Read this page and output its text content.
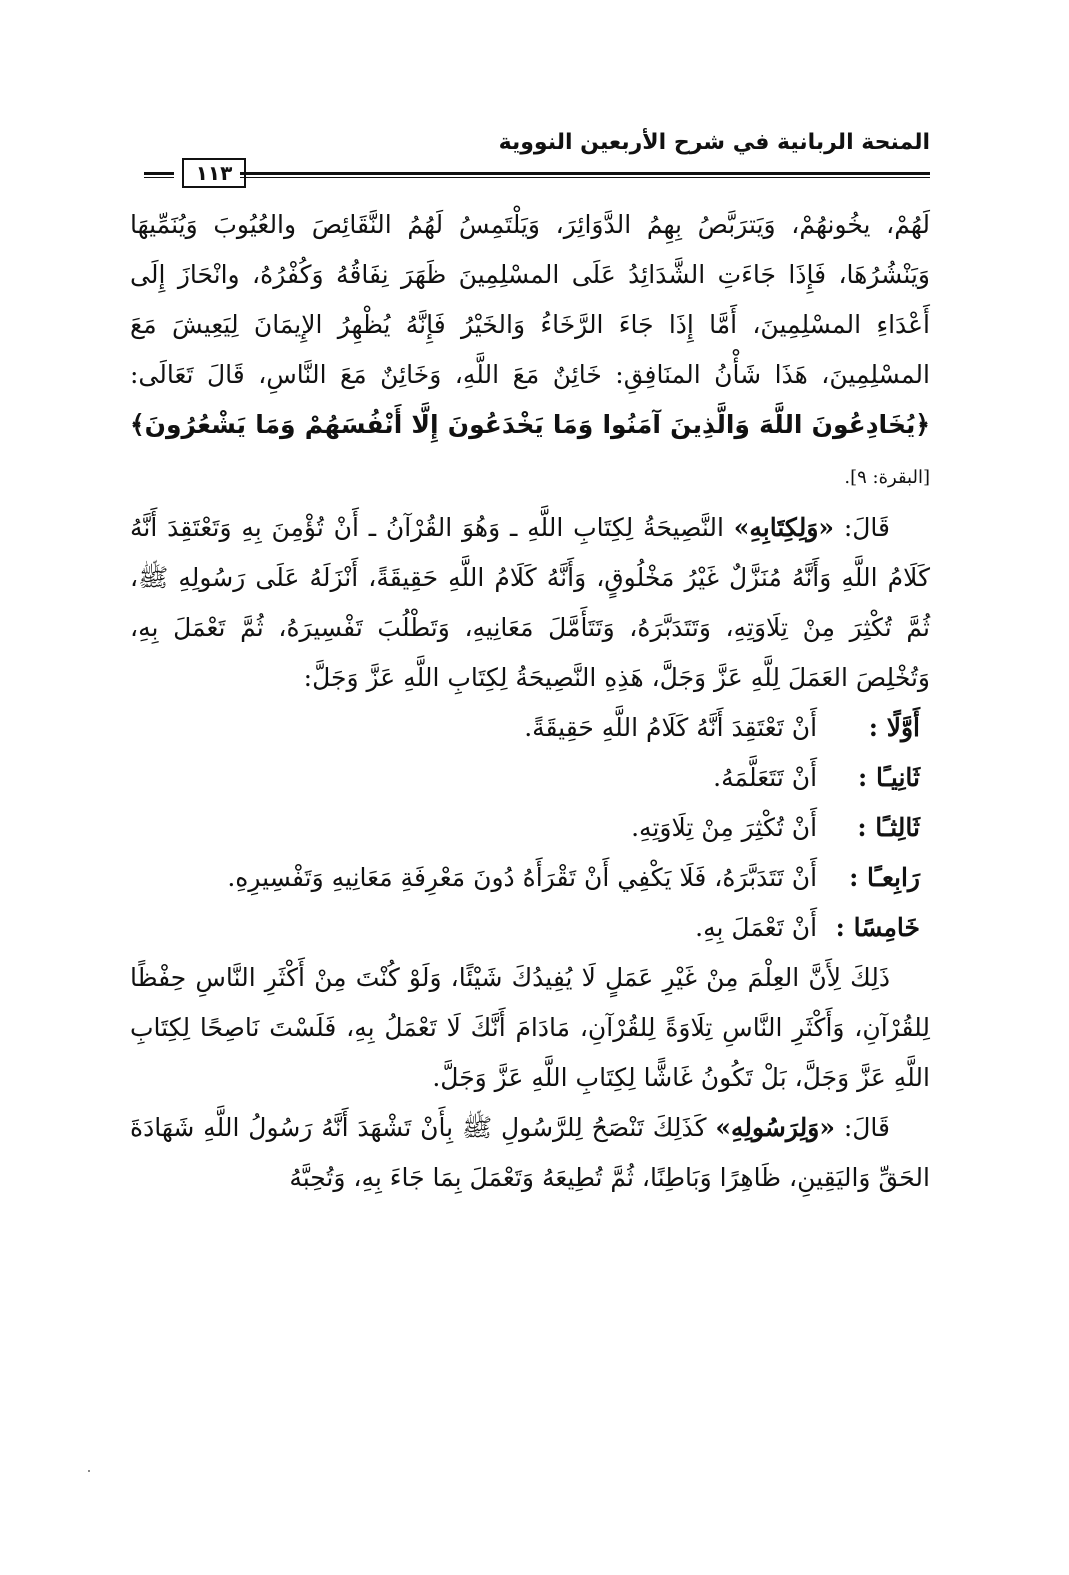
المنحة الربانية في شرح الأربعين النووية
١١٣

لَهُمْ، يخُونهُمْ، وَيَترَبَّصُ بِهِمُ الدَّوَائِرَ، وَيَلْتَمِسُ لَهُمُ النَّقَائِصَ والعُيُوبَ وَيُنَمِّيهَا وَيَنْشُرُهَا، فَإِذَا جَاءَتِ الشَّدَائِدُ عَلَى المسْلِمِينَ ظَهَرَ نِفَاقُهُ وَكُفْرُهُ، وانْحَازَ إِلَى أَعْدَاءِ المسْلِمِينَ، أَمَّا إِذَا جَاءَ الرَّخَاءُ وَالخَيْرُ فَإِنَّهُ يُظْهِرُ الإِيمَانَ لِيَعِيشَ مَعَ المسْلِمِينَ، هَذَا شَأْنُ المنَافِقِ: خَائِنٌ مَعَ اللَّهِ، وَخَائِنٌ مَعَ النَّاسِ، قَالَ تَعَالَى: ﴿يُخَادِعُونَ اللَّهَ وَالَّذِينَ آمَنُوا وَمَا يَخْدَعُونَ إِلَّا أَنْفُسَهُمْ وَمَا يَشْعُرُونَ﴾ [البقرة: ٩].

قَالَ: «وَلِكِتَابِهِ» النَّصِيحَةُ لِكِتَابِ اللَّهِ ـ وَهُوَ القُرْآنُ ـ أَنْ تُؤْمِنَ بِهِ وَتَعْتَقِدَ أَنَّهُ كَلَامُ اللَّهِ وَأَنَّهُ مُنَزَّلٌ غَيْرُ مَخْلُوقٍ، وَأَنَّهُ كَلَامُ اللَّهِ حَقِيقَةً، أَنْزَلَهُ عَلَى رَسُولِهِ ﷺ، ثُمَّ تُكْثِرَ مِنْ تِلَاوَتِهِ، وَتَتَدَبَّرَهُ، وَتَتَأَمَّلَ مَعَانِيهِ، وَتَطْلُبَ تَفْسِيرَهُ، ثُمَّ تَعْمَلَ بِهِ، وَتُخْلِصَ العَمَلَ لِلَّهِ عَزَّ وَجَلَّ، هَذِهِ النَّصِيحَةُ لِكِتَابِ اللَّهِ عَزَّ وَجَلَّ:

أَوَّلًا : أَنْ تَعْتَقِدَ أَنَّهُ كَلَامُ اللَّهِ حَقِيقَةً.
ثَانِيـًا : أَنْ تَتَعَلَّمَهُ.
ثَالِثـًا : أَنْ تُكْثِرَ مِنْ تِلَاوَتِهِ.
رَابِعـًا : أَنْ تَتَدَبَّرَهُ، فَلَا يَكْفِي أَنْ تَقْرَأَهُ دُونَ مَعْرِفَةِ مَعَانِيهِ وَتَفْسِيرِهِ.
خَامِسًا : أَنْ تَعْمَلَ بِهِ.

ذَلِكَ لِأَنَّ العِلْمَ مِنْ غَيْرِ عَمَلٍ لَا يُفِيدُكَ شَيْئًا، وَلَوْ كُنْتَ مِنْ أَكْثَرِ النَّاسِ حِفْظًا لِلقُرْآنِ، وَأَكْثَرِ النَّاسِ تِلَاوَةً لِلقُرْآنِ، مَادَامَ أَنَّكَ لَا تَعْمَلُ بِهِ، فَلَسْتَ نَاصِحًا لِكِتَابِ اللَّهِ عَزَّ وَجَلَّ، بَلْ تَكُونُ غَاشًّا لِكِتَابِ اللَّهِ عَزَّ وَجَلَّ.

قَالَ: «وَلِرَسُولِهِ» كَذَلِكَ تَنْصَحُ لِلرَّسُولِ ﷺ بِأَنْ تَشْهَدَ أَنَّهُ رَسُولُ اللَّهِ شَهَادَةَ الحَقِّ وَاليَقِينِ، ظَاهِرًا وَبَاطِنًا، ثُمَّ تُطِيعَهُ وَتَعْمَلَ بِمَا جَاءَ بِهِ، وَتُحِبَّهُ
